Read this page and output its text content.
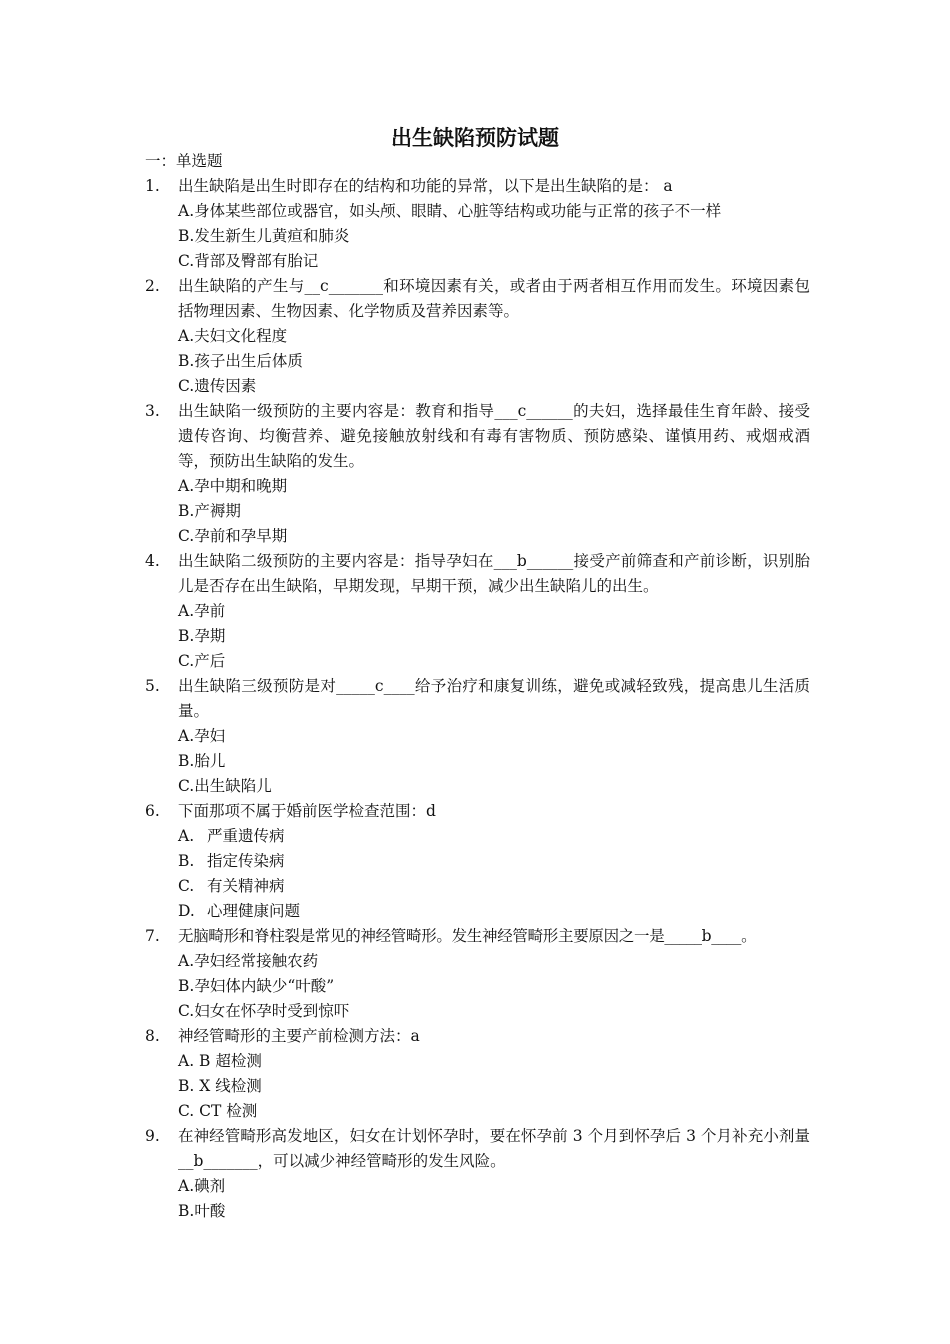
出生缺陷预防试题
一：单选题
1. 出生缺陷是出生时即存在的结构和功能的异常，以下是出生缺陷的是： a
A.身体某些部位或器官，如头颅、眼睛、心脏等结构或功能与正常的孩子不一样
B.发生新生儿黄疸和肺炎
C.背部及臀部有胎记
2. 出生缺陷的产生与__c_______和环境因素有关，或者由于两者相互作用而发生。环境因素包括物理因素、生物因素、化学物质及营养因素等。
A.夫妇文化程度
B.孩子出生后体质
C.遗传因素
3. 出生缺陷一级预防的主要内容是：教育和指导___c______的夫妇，选择最佳生育年龄、接受遗传咨询、均衡营养、避免接触放射线和有毒有害物质、预防感染、谨慎用药、戒烟戒酒等，预防出生缺陷的发生。
A.孕中期和晚期
B.产褥期
C.孕前和孕早期
4. 出生缺陷二级预防的主要内容是：指导孕妇在___b______接受产前筛查和产前诊断，识别胎儿是否存在出生缺陷，早期发现，早期干预，减少出生缺陷儿的出生。
A.孕前
B.孕期
C.产后
5. 出生缺陷三级预防是对_____c____给予治疗和康复训练，避免或减轻致残，提高患儿生活质量。
A.孕妇
B.胎儿
C.出生缺陷儿
6. 下面那项不属于婚前医学检查范围：d
A. 严重遗传病
B. 指定传染病
C. 有关精神病
D. 心理健康问题
7. 无脑畸形和脊柱裂是常见的神经管畸形。发生神经管畸形主要原因之一是_____b____。
A.孕妇经常接触农药
B.孕妇体内缺少“叶酸”
C.妇女在怀孕时受到惊吓
8. 神经管畸形的主要产前检测方法：a
A. B 超检测
B. X 线检测
C. CT 检测
9. 在神经管畸形高发地区，妇女在计划怀孕时，要在怀孕前 3 个月到怀孕后 3 个月补充小剂量__b_______，可以减少神经管畸形的发生风险。
A.碘剂
B.叶酸
